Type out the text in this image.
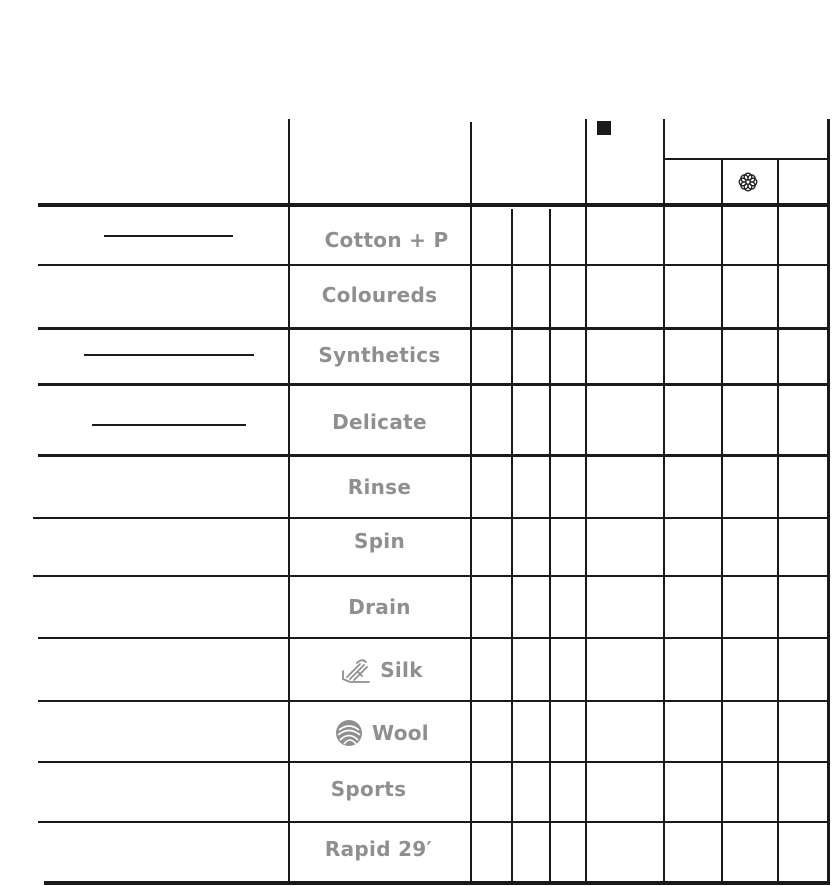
Cotton + P
Coloureds
Synthetics
Delicate
Rinse
Spin
Drain
Silk
Wool
Sports
Rapid 29′
